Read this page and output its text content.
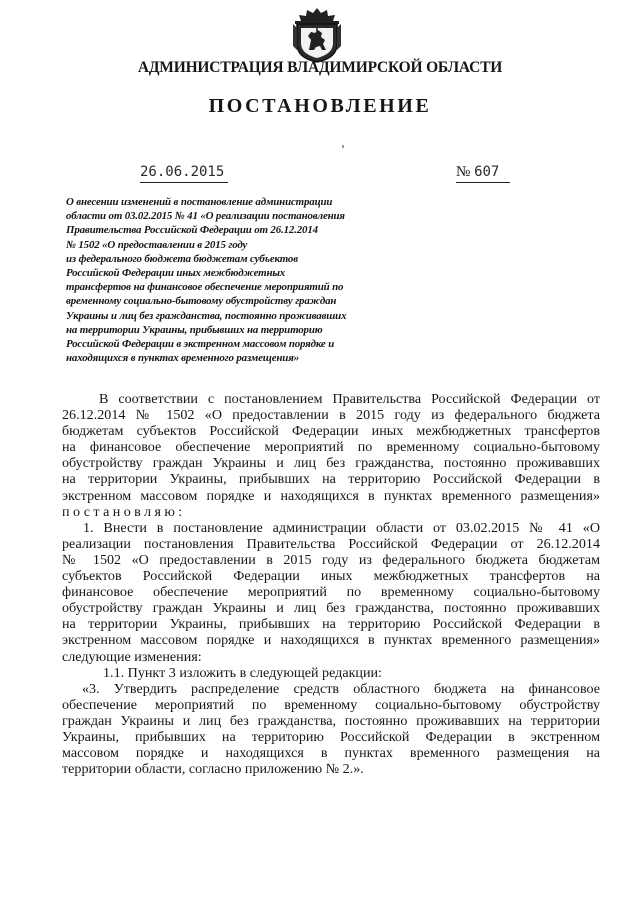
АДМИНИСТРАЦИЯ ВЛАДИМИРСКОЙ ОБЛАСТИ
ПОСТАНОВЛЕНИЕ
26.06.2015	№ 607
О внесении изменений в постановление администрации
области от 03.02.2015 № 41 «О реализации постановления
Правительства Российской Федерации от 26.12.2014
№ 1502 «О предоставлении в 2015 году
из федерального бюджета бюджетам субъектов
Российской Федерации иных межбюджетных
трансфертов на финансовое обеспечение мероприятий по
временному социально-бытовому обустройству граждан
Украины и лиц без гражданства, постоянно проживавших
на территории Украины, прибывших на территорию
Российской Федерации в экстренном массовом порядке и
находящихся в пунктах временного размещения»
В соответствии с постановлением Правительства Российской Федерации от
26.12.2014 № 1502 «О предоставлении в 2015 году из федерального бюджета
бюджетам субъектов Российской Федерации иных межбюджетных трансфертов
на финансовое обеспечение мероприятий по временному социально-бытовому
обустройству граждан Украины и лиц без гражданства, постоянно проживавших
на территории Украины, прибывших на территорию Российской Федерации в
экстренном массовом порядке и находящихся в пунктах временного размещения»
постановляю:
1. Внести в постановление администрации области от 03.02.2015 № 41 «О
реализации постановления Правительства Российской Федерации от 26.12.2014
№ 1502 «О предоставлении в 2015 году из федерального бюджета бюджетам
субъектов Российской Федерации иных межбюджетных трансфертов на
финансовое обеспечение мероприятий по временному социально-бытовому
обустройству граждан Украины и лиц без гражданства, постоянно проживавших
на территории Украины, прибывших на территорию Российской Федерации в
экстренном массовом порядке и находящихся в пунктах временного размещения»
следующие изменения:
1.1. Пункт 3 изложить в следующей редакции:
«3. Утвердить распределение средств областного бюджета на финансовое
обеспечение мероприятий по временному социально-бытовому обустройству
граждан Украины и лиц без гражданства, постоянно проживавших на территории
Украины, прибывших на территорию Российской Федерации в экстренном
массовом порядке и находящихся в пунктах временного размещения на
территории области, согласно приложению № 2.».
